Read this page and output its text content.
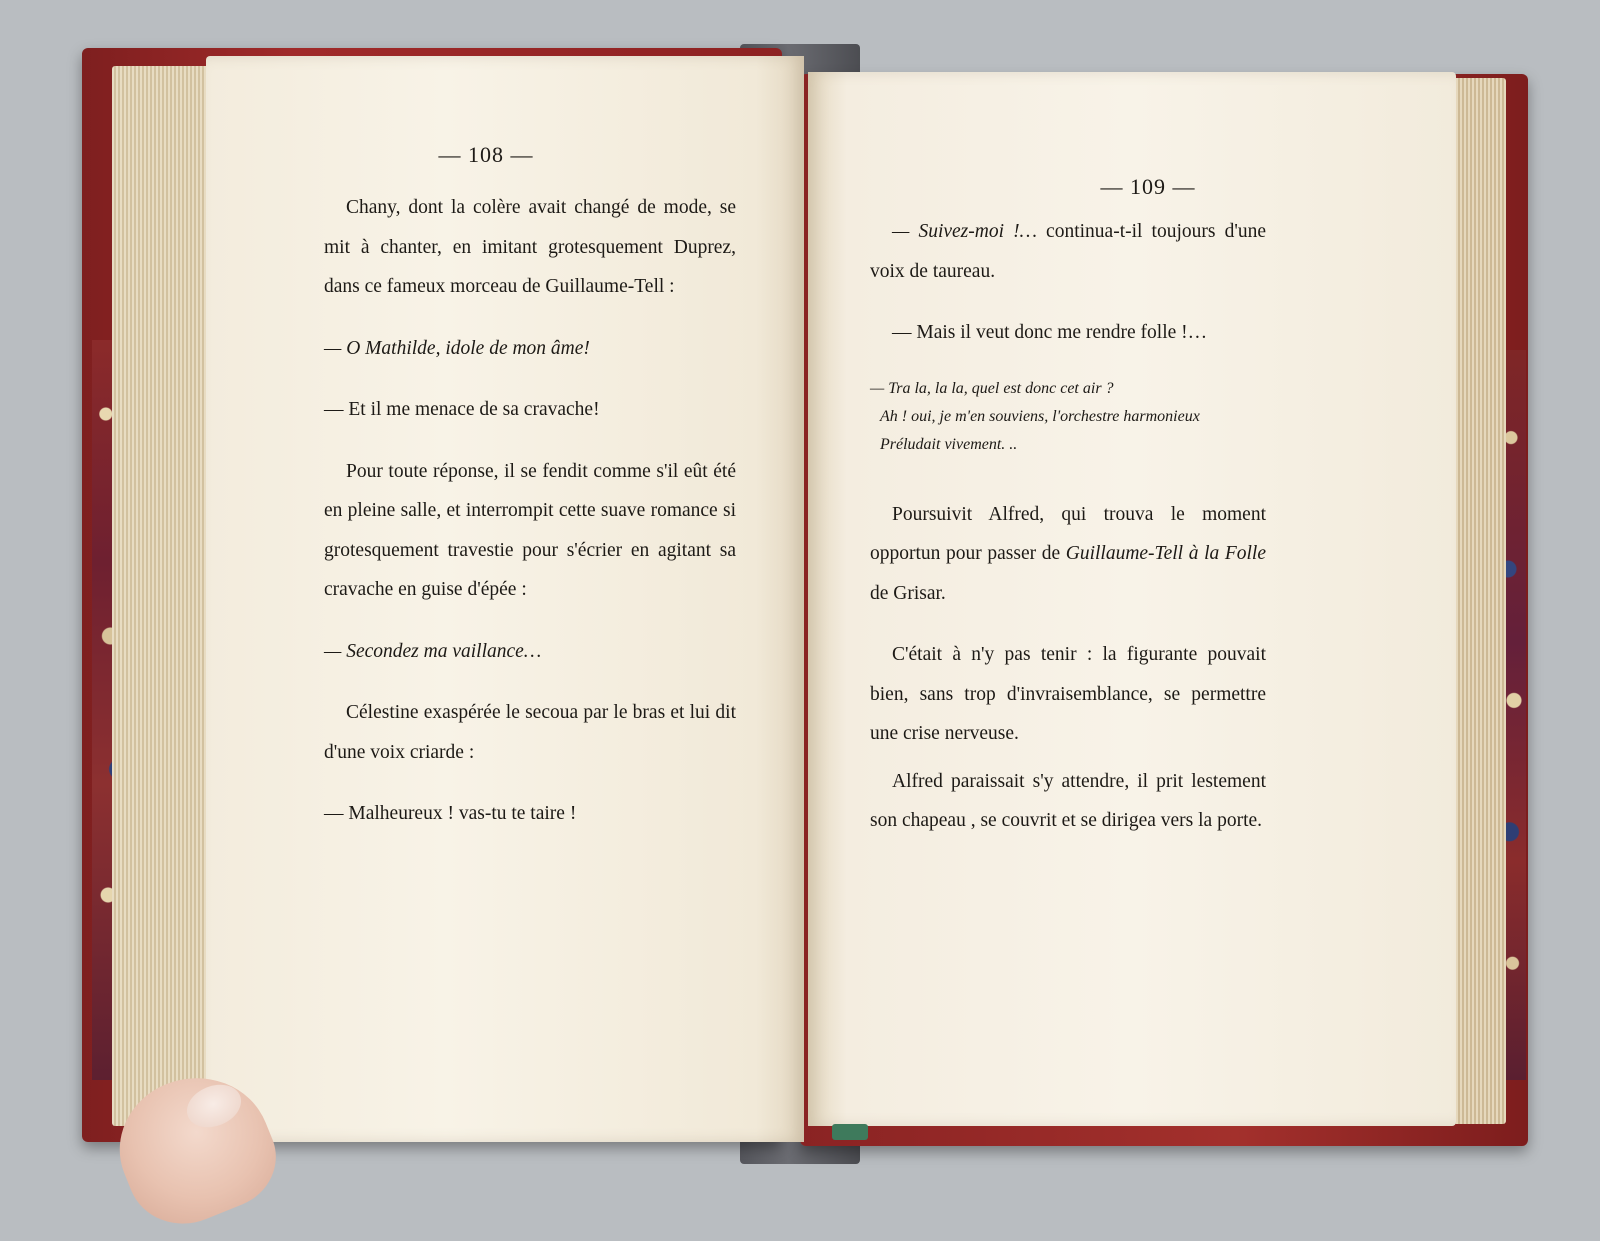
— 108 —

Chany, dont la colère avait changé de mode, se mit à chanter, en imitant grotesquement Duprez, dans ce fameux morceau de Guillaume-Tell :

— O Mathilde, idole de mon âme!

— Et il me menace de sa cravache!

Pour toute réponse, il se fendit comme s'il eût été en pleine salle, et interrompit cette suave romance si grotesquement travestie pour s'écrier en agitant sa cravache en guise d'épée :

— Secondez ma vaillance…

Célestine exaspérée le secoua par le bras et lui dit d'une voix criarde :

— Malheureux ! vas-tu te taire !

— 109 —

— Suivez-moi !… continua-t-il toujours d'une voix de taureau.

— Mais il veut donc me rendre folle !…

— Tra la, la la, quel est donc cet air ?

Ah ! oui, je m'en souviens, l'orchestre harmonieux

Préludait vivement. ..

Poursuivit Alfred, qui trouva le moment opportun pour passer de Guillaume-Tell à la Folle de Grisar.

C'était à n'y pas tenir : la figurante pouvait bien, sans trop d'invraisemblance, se permettre une crise nerveuse.

Alfred paraissait s'y attendre, il prit lestement son chapeau , se couvrit et se dirigea vers la porte.
